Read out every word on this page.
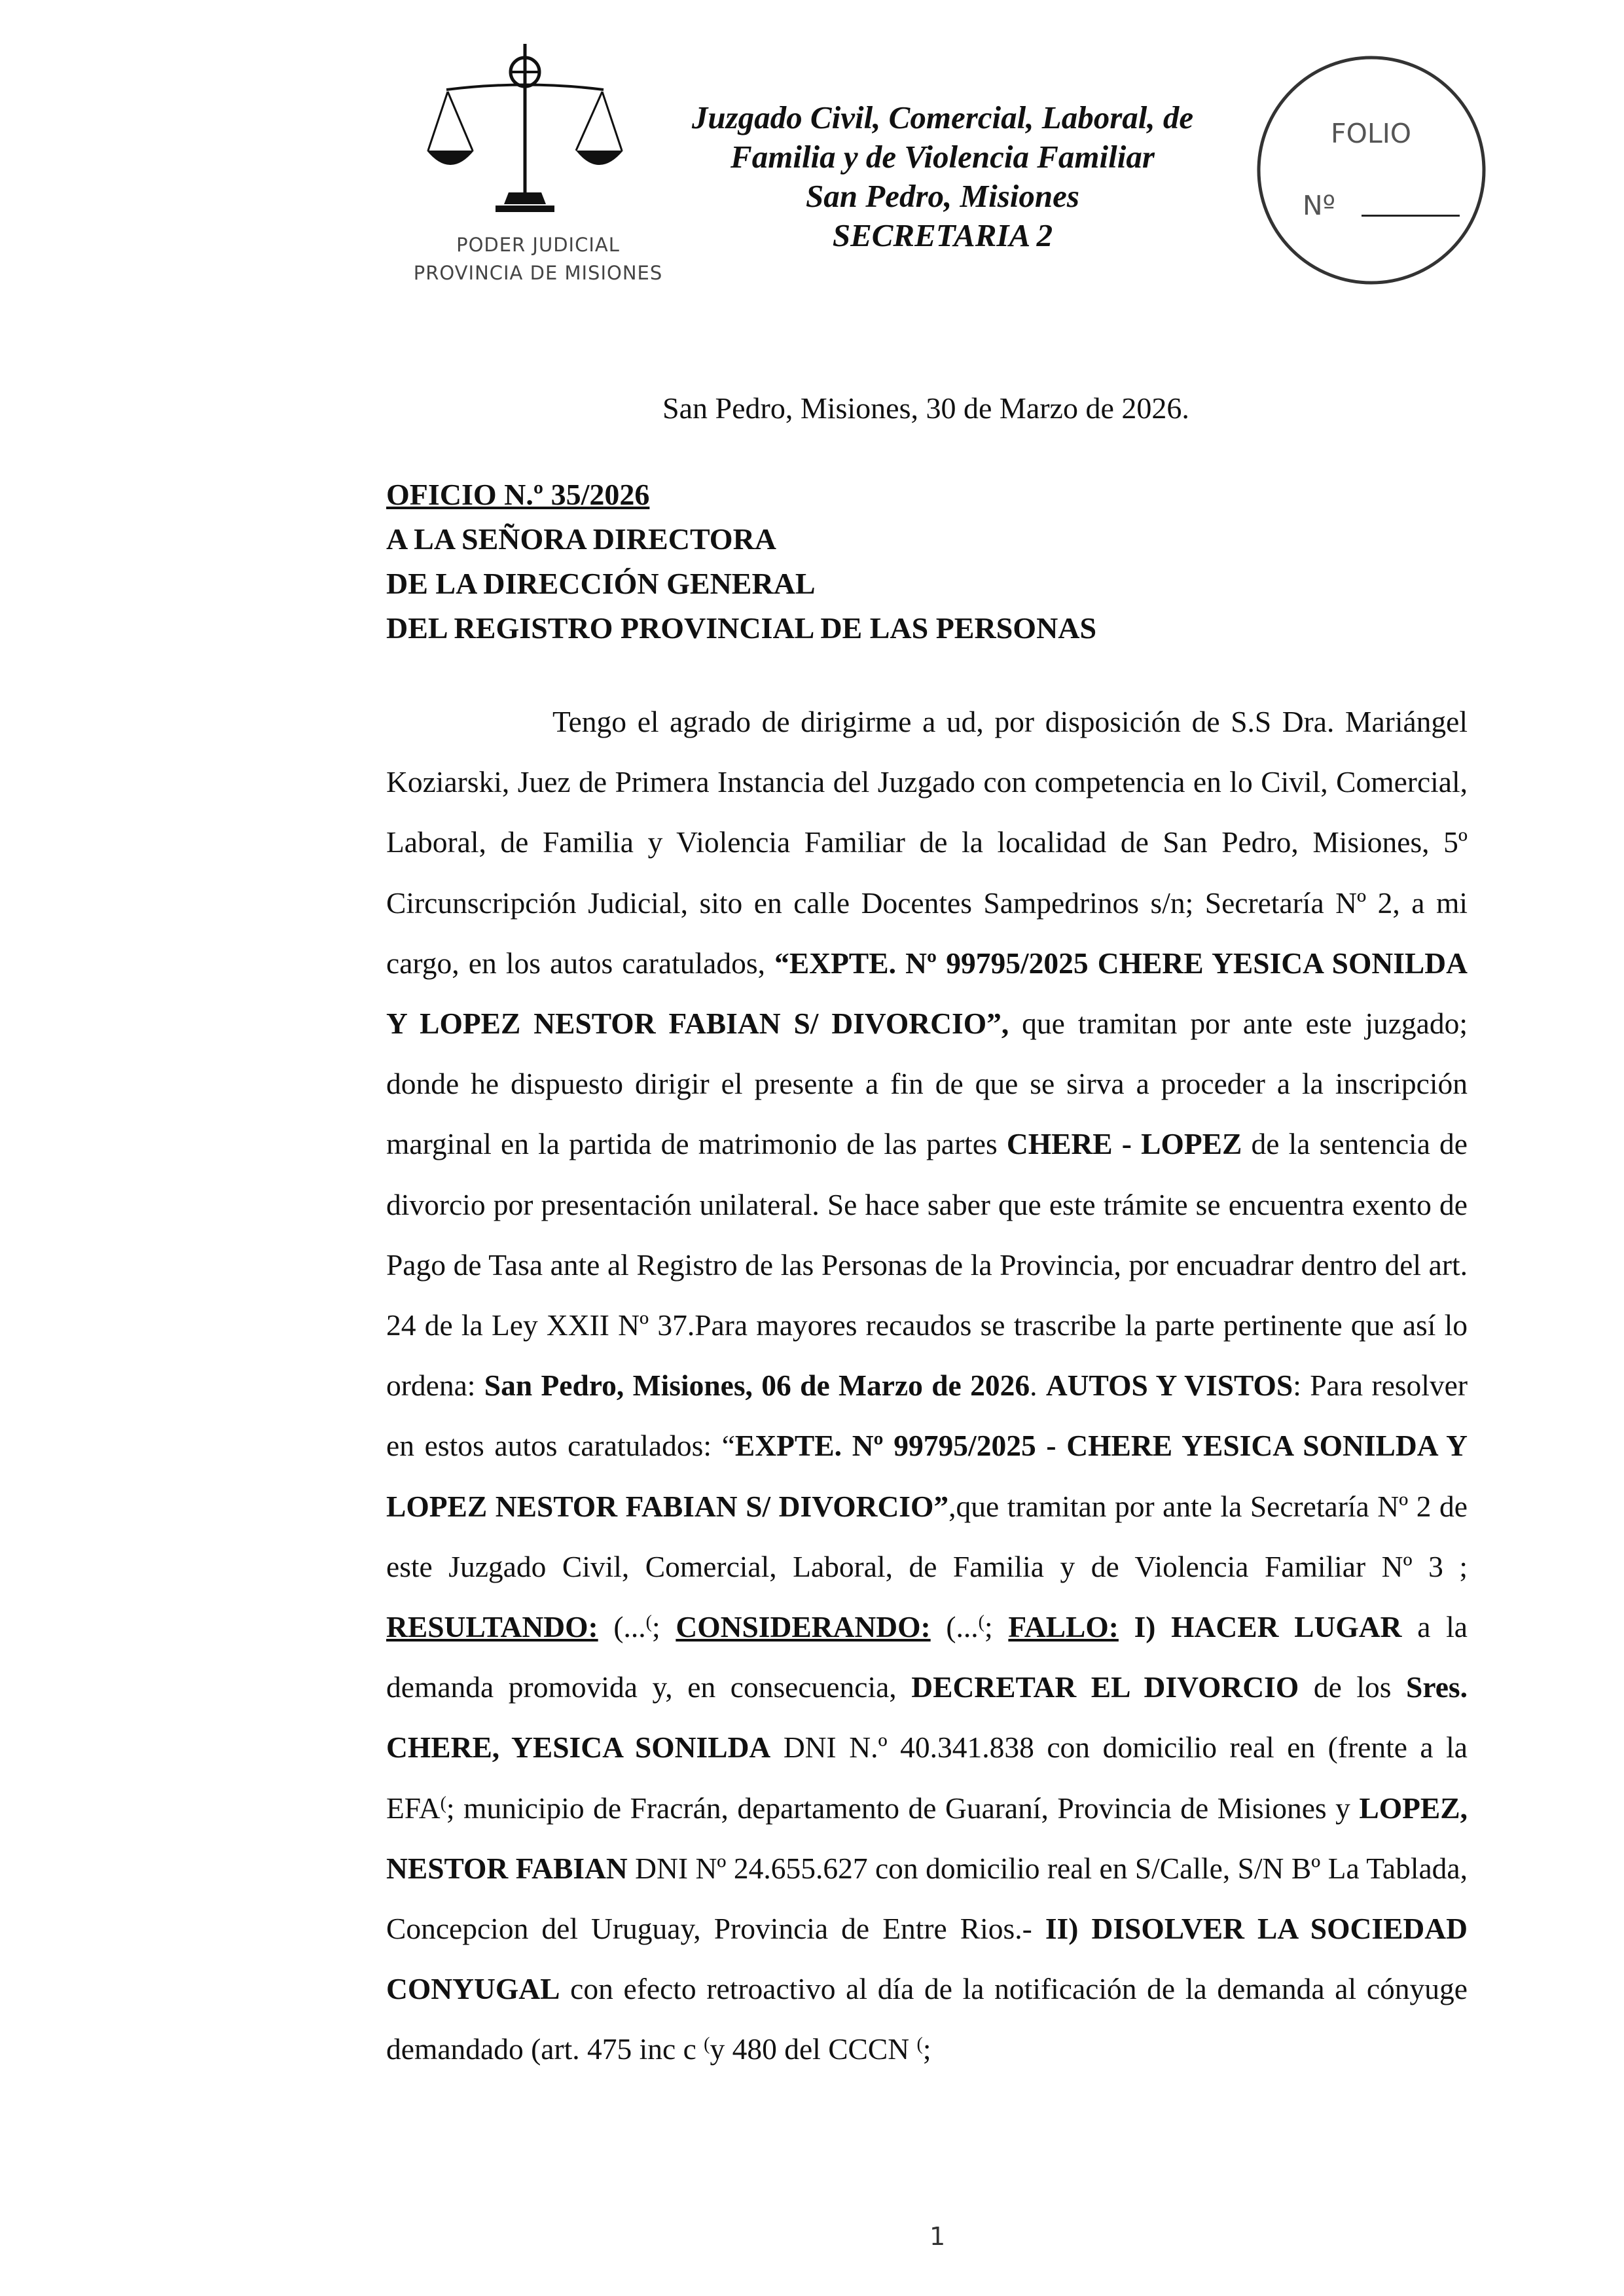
PODER JUDICIAL
PROVINCIA DE MISIONES
Juzgado Civil, Comercial, Laboral, de
Familia y de Violencia Familiar
San Pedro, Misiones
SECRETARIA 2
FOLIO
Nº
San Pedro, Misiones, 30 de Marzo de 2026.
OFICIO N.º 35/2026
A LA SEÑORA DIRECTORA
DE LA DIRECCIÓN GENERAL
DEL REGISTRO PROVINCIAL DE LAS PERSONAS

Tengo el agrado de dirigirme a ud, por disposición de S.S Dra. Mariángel Koziarski, Juez de Primera Instancia del Juzgado con competencia en lo Civil, Comercial, Laboral, de Familia y Violencia Familiar de la localidad de San Pedro, Misiones, 5º Circunscripción Judicial, sito en calle Docentes Sampedrinos s/n; Secretaría Nº 2, a mi cargo, en los autos caratulados, “EXPTE. Nº 99795/2025 CHERE YESICA SONILDA Y LOPEZ NESTOR FABIAN S/ DIVORCIO”, que tramitan por ante este juzgado; donde he dispuesto dirigir el presente a fin de que se sirva a proceder a la inscripción marginal en la partida de matrimonio de las partes CHERE - LOPEZ de la sentencia de divorcio por presentación unilateral. Se hace saber que este trámite se encuentra exento de Pago de Tasa ante al Registro de las Personas de la Provincia, por encuadrar dentro del art. 24 de la Ley XXII Nº 37.Para mayores recaudos se trascribe la parte pertinente que así lo ordena: San Pedro, Misiones, 06 de Marzo de 2026. AUTOS Y VISTOS: Para resolver en estos autos caratulados: “EXPTE. Nº 99795/2025 - CHERE YESICA SONILDA Y LOPEZ NESTOR FABIAN S/ DIVORCIO”,que tramitan por ante la Secretaría Nº 2 de este Juzgado Civil, Comercial, Laboral, de Familia y de Violencia Familiar Nº 3 ; RESULTANDO: (...(; CONSIDERANDO: (...(; FALLO: I) HACER LUGAR a la demanda promovida y, en consecuencia, DECRETAR EL DIVORCIO de los Sres. CHERE, YESICA SONILDA DNI N.º 40.341.838 con domicilio real en (frente a la EFA(; municipio de Fracrán, departamento de Guaraní, Provincia de Misiones y LOPEZ, NESTOR FABIAN DNI Nº 24.655.627 con domicilio real en S/Calle, S/N Bº La Tablada, Concepcion del Uruguay, Provincia de Entre Rios.- II) DISOLVER LA SOCIEDAD CONYUGAL con efecto retroactivo al día de la notificación de la demanda al cónyuge demandado (art. 475 inc c (y 480 del CCCN (;

1
